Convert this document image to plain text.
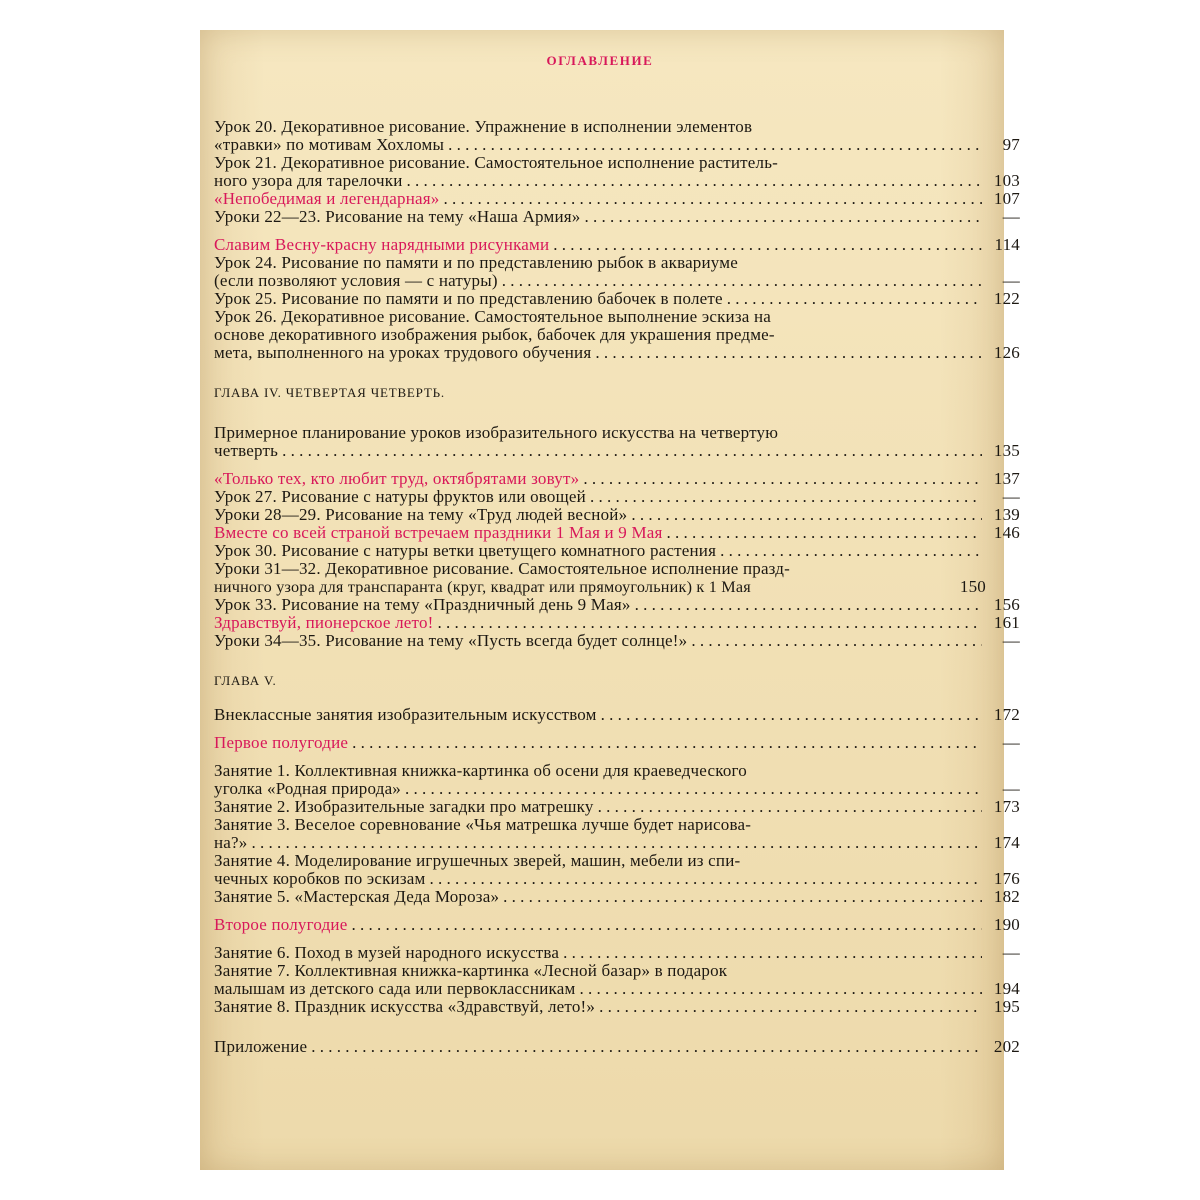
ОГЛАВЛЕНИЕ

Урок 20. Декоративное рисование. Упражнение в исполнении элементов
«травки» по мотивам Хохломы . . .	97
Урок 21. Декоративное рисование. Самостоятельное исполнение раститель-
ного узора для тарелочки . . .	103
«Непобедимая и легендарная» . . .	107
Уроки 22—23. Рисование на тему «Наша Армия» . . .	—
Славим Весну-красну нарядными рисунками . . .	114
Урок 24. Рисование по памяти и по представлению рыбок в аквариуме
(если позволяют условия — с натуры) . . .	—
Урок 25. Рисование по памяти и по представлению бабочек в полете . . .	122
Урок 26. Декоративное рисование. Самостоятельное выполнение эскиза на
основе декоративного изображения рыбок, бабочек для украшения предме-
мета, выполненного на уроках трудового обучения . . .	126

ГЛАВА IV. ЧЕТВЕРТАЯ ЧЕТВЕРТЬ.

Примерное планирование уроков изобразительного искусства на четвертую
четверть . . .	135
«Только тех, кто любит труд, октябрятами зовут» . . .	137
Урок 27. Рисование с натуры фруктов или овощей . . .	—
Уроки 28—29. Рисование на тему «Труд людей весной» . . .	139
Вместе со всей страной встречаем праздники 1 Мая и 9 Мая . . .	146
Урок 30. Рисование с натуры ветки цветущего комнатного растения
. . .
Уроки 31—32. Декоративное рисование. Самостоятельное исполнение празд-
ничного узора для транспаранта (круг, квадрат или прямоугольник) к 1 Мая	150
Урок 33. Рисование на тему «Праздничный день 9 Мая» . . .	156
Здравствуй, пионерское лето! . . .	161
Уроки 34—35. Рисование на тему «Пусть всегда будет солнце!» . . .	—

ГЛАВА V.

Внеклассные занятия изобразительным искусством . . .	172
Первое полугодие . . .	—
Занятие 1. Коллективная книжка-картинка об осени для краеведческого
уголка «Родная природа» . . .	—
Занятие 2. Изобразительные загадки про матрешку . . .	173
Занятие 3. Веселое соревнование «Чья матрешка лучше будет нарисова-
на?» . . .	174
Занятие 4. Моделирование игрушечных зверей, машин, мебели из спи-
чечных коробков по эскизам . . .	176
Занятие 5. «Мастерская Деда Мороза» . . .	182
Второе полугодие . . .	190
Занятие 6. Поход в музей народного искусства . . .	—
Занятие 7. Коллективная книжка-картинка «Лесной базар» в подарок
малышам из детского сада или первоклассникам . . .	194
Занятие 8. Праздник искусства «Здравствуй, лето!» . . .	195
Приложение . . .	202
